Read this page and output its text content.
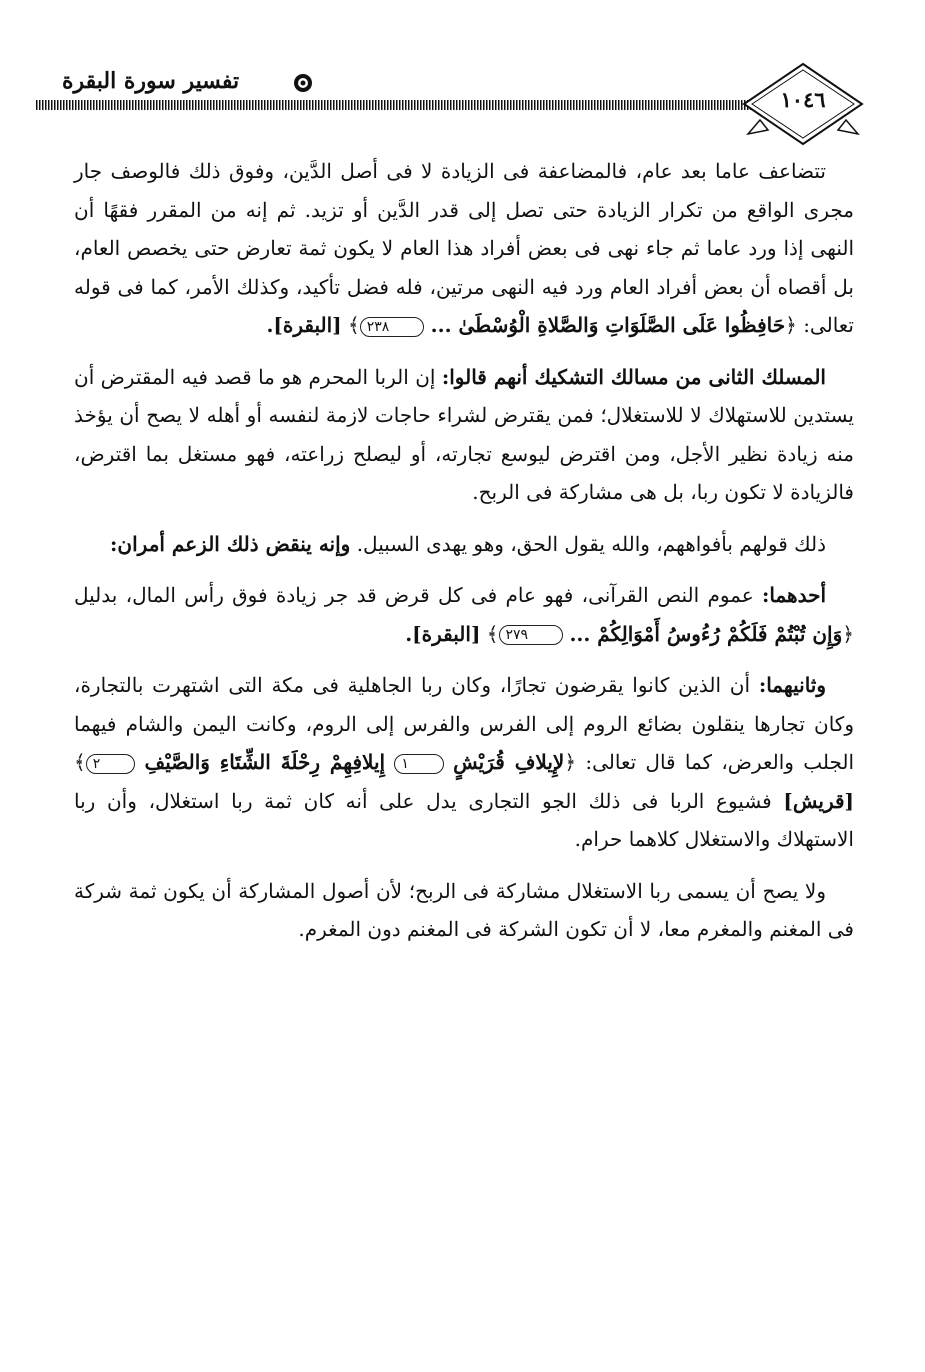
تفسير سورة البقرة
١٠٤٦

تتضاعف عاما بعد عام، فالمضاعفة فى الزيادة لا فى أصل الدَّين، وفوق ذلك فالوصف جار مجرى الواقع من تكرار الزيادة حتى تصل إلى قدر الدَّين أو تزيد. ثم إنه من المقرر فقهًا أن النهى إذا ورد عاما ثم جاء نهى فى بعض أفراد هذا العام لا يكون ثمة تعارض حتى يخصص العام، بل أقصاه أن بعض أفراد العام ورد فيه النهى مرتين، فله فضل تأكيد، وكذلك الأمر، كما فى قوله تعالى: ﴿حَافِظُوا عَلَى الصَّلَوَاتِ وَالصَّلاةِ الْوُسْطَىٰ ... ٢٣٨﴾ [البقرة].

المسلك الثانى من مسالك التشكيك أنهم قالوا: إن الربا المحرم هو ما قصد فيه المقترض أن يستدين للاستهلاك لا للاستغلال؛ فمن يقترض لشراء حاجات لازمة لنفسه أو أهله لا يصح أن يؤخذ منه زيادة نظير الأجل، ومن اقترض ليوسع تجارته، أو ليصلح زراعته، فهو مستغل بما اقترض، فالزيادة لا تكون ربا، بل هى مشاركة فى الربح.

ذلك قولهم بأفواههم، والله يقول الحق، وهو يهدى السبيل. وإنه ينقض ذلك الزعم أمران:

أحدهما: عموم النص القرآنى، فهو عام فى كل قرض قد جر زيادة فوق رأس المال، بدليل ﴿وَإِن تُبْتُمْ فَلَكُمْ رُءُوسُ أَمْوَالِكُمْ ... ٢٧٩﴾ [البقرة].

وثانيهما: أن الذين كانوا يقرضون تجارًا، وكان ربا الجاهلية فى مكة التى اشتهرت بالتجارة، وكان تجارها ينقلون بضائع الروم إلى الفرس والفرس إلى الروم، وكانت اليمن والشام فيهما الجلب والعرض، كما قال تعالى: ﴿لإِيلافِ قُرَيْشٍ ١ إِيلافِهِمْ رِحْلَةَ الشِّتَاءِ وَالصَّيْفِ ٢﴾ [قريش] فشيوع الربا فى ذلك الجو التجارى يدل على أنه كان ثمة ربا استغلال، وأن ربا الاستهلاك والاستغلال كلاهما حرام.

ولا يصح أن يسمى ربا الاستغلال مشاركة فى الربح؛ لأن أصول المشاركة أن يكون ثمة شركة فى المغنم والمغرم معا، لا أن تكون الشركة فى المغنم دون المغرم.
